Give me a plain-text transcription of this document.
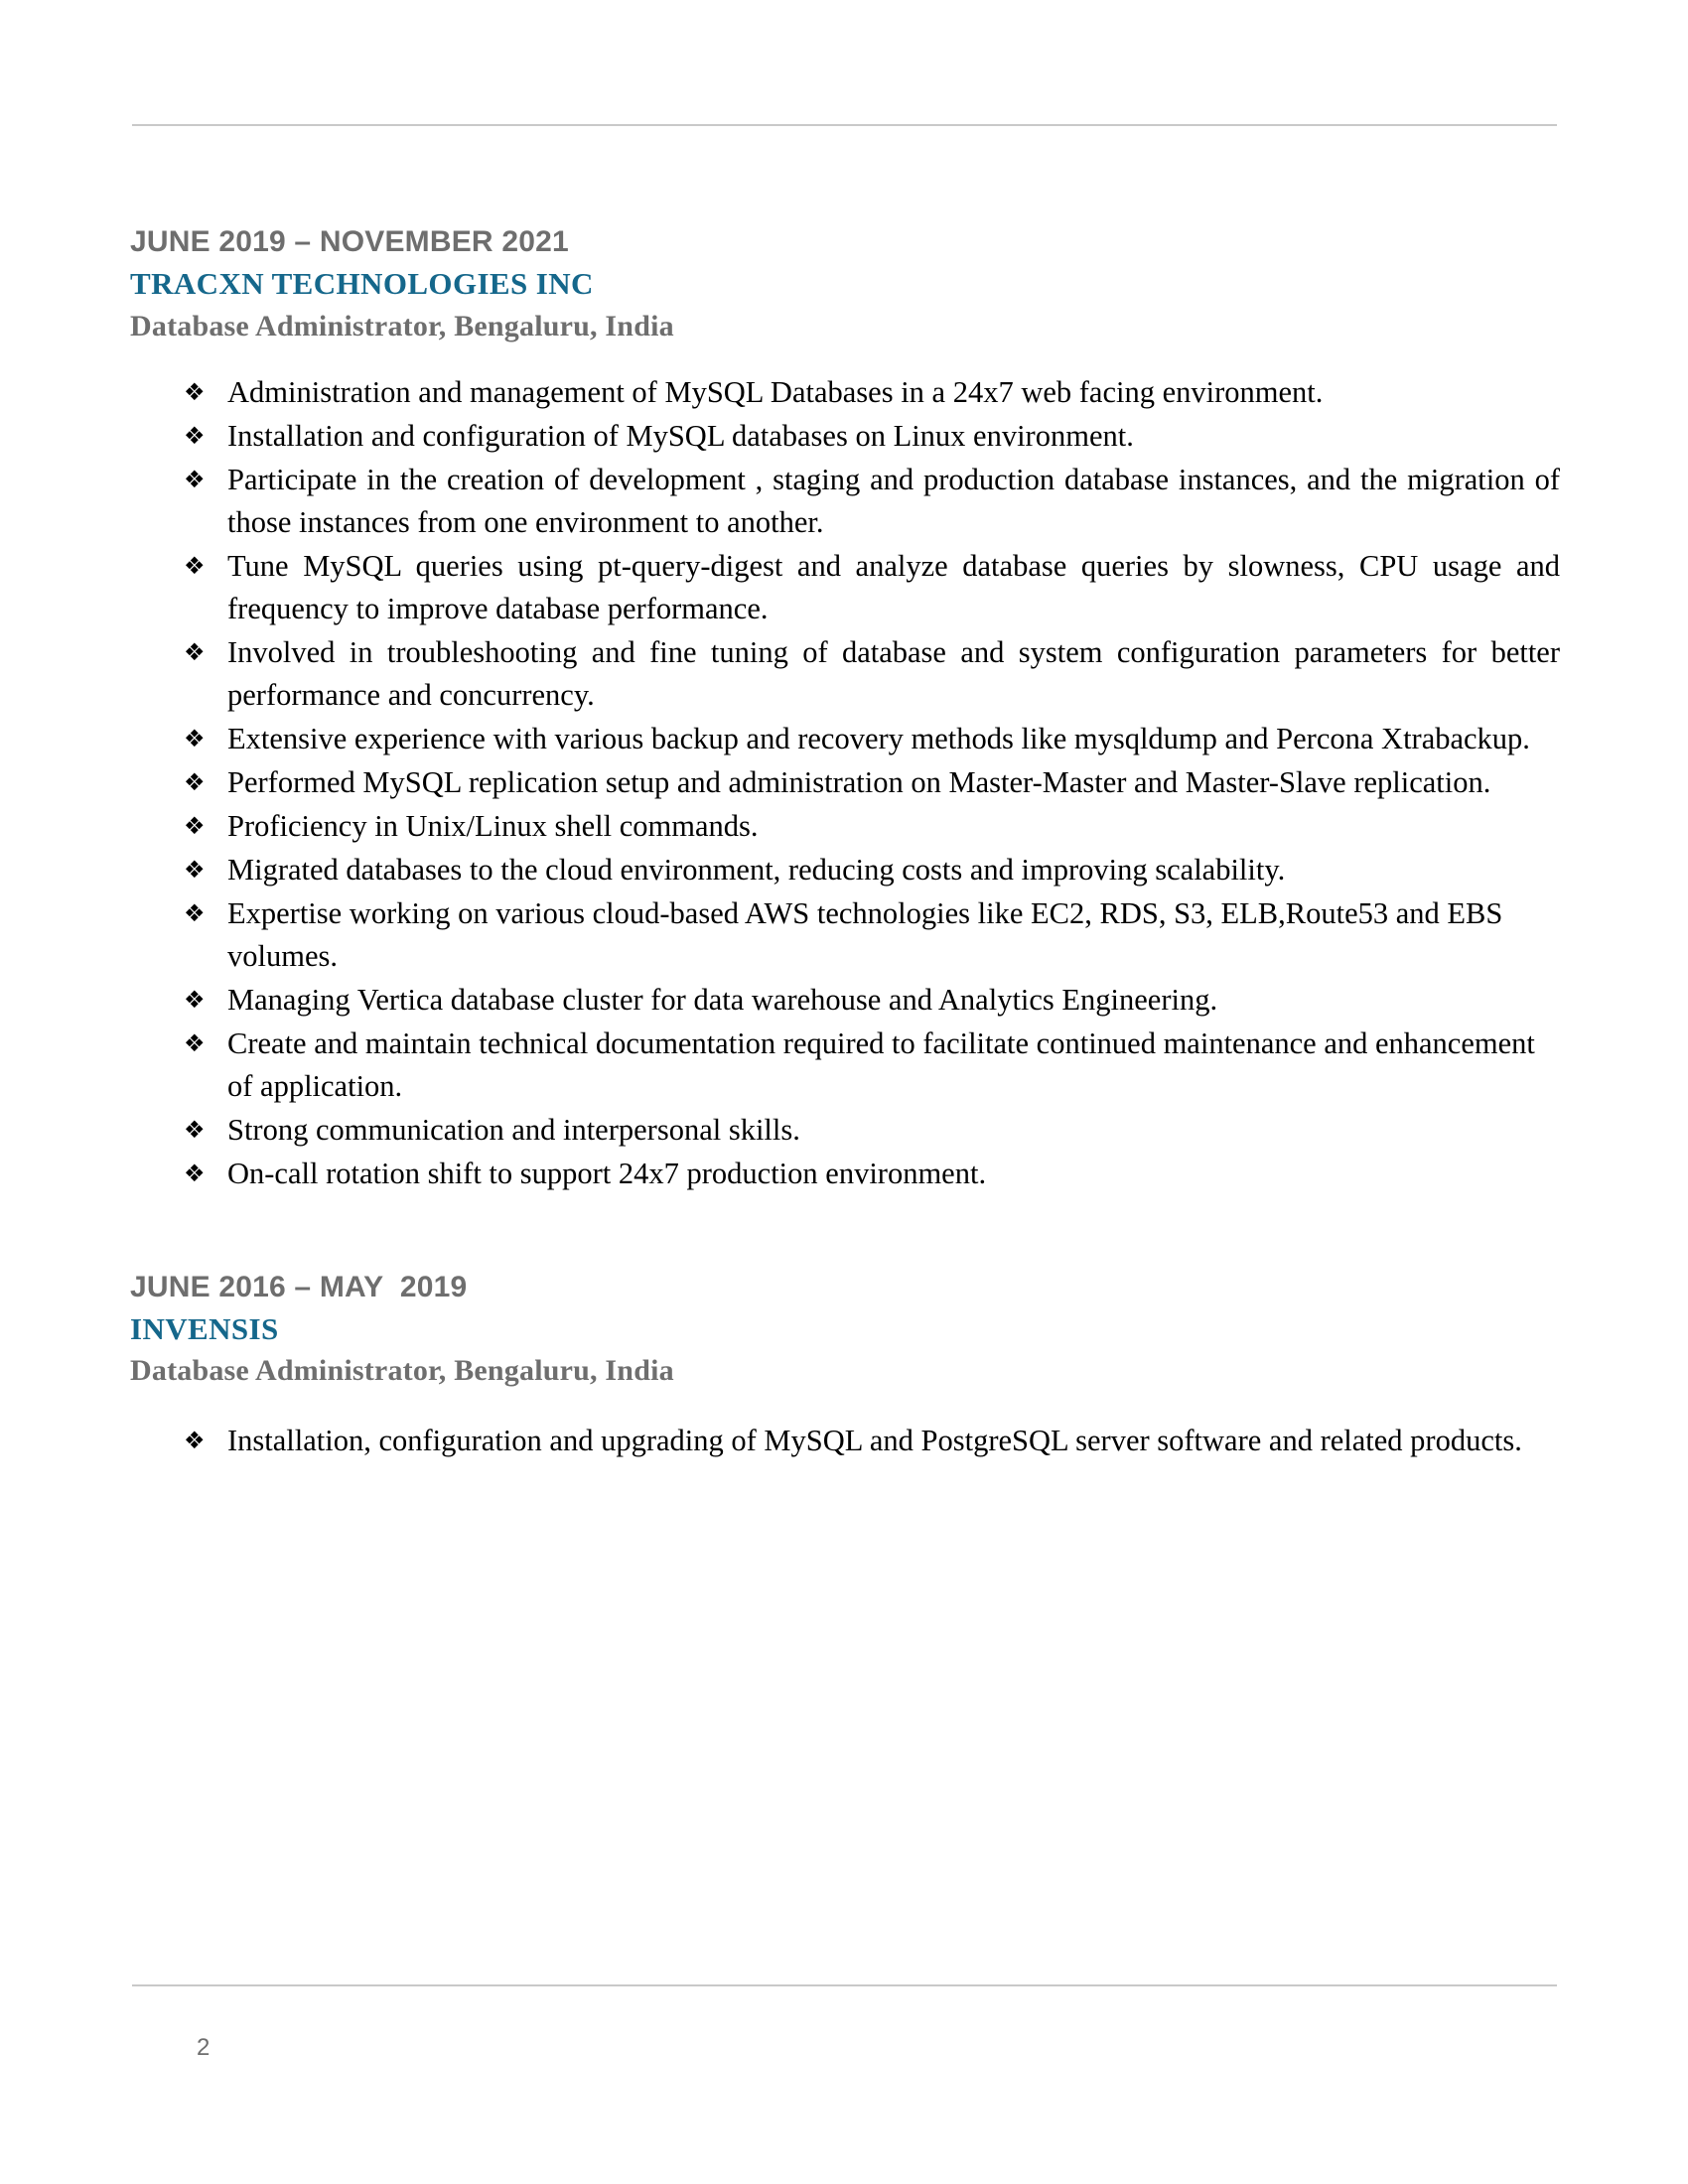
JUNE 2019 – NOVEMBER 2021
TRACXN TECHNOLOGIES INC
Database Administrator, Bengaluru, India
❖ Administration and management of MySQL Databases in a 24x7 web facing environment.
❖ Installation and configuration of MySQL databases on Linux environment.
❖ Participate in the creation of development , staging and production database instances, and the migration of those instances from one environment to another.
❖ Tune MySQL queries using pt-query-digest and analyze database queries by slowness, CPU usage and frequency to improve database performance.
❖ Involved in troubleshooting and fine tuning of database and system configuration parameters for better performance and concurrency.
❖ Extensive experience with various backup and recovery methods like mysqldump and Percona Xtrabackup.
❖ Performed MySQL replication setup and administration on Master-Master and Master-Slave replication.
❖ Proficiency in Unix/Linux shell commands.
❖ Migrated databases to the cloud environment, reducing costs and improving scalability.
❖ Expertise working on various cloud-based AWS technologies like EC2, RDS, S3, ELB,Route53 and EBS volumes.
❖ Managing Vertica database cluster for data warehouse and Analytics Engineering.
❖ Create and maintain technical documentation required to facilitate continued maintenance and enhancement of application.
❖ Strong communication and interpersonal skills.
❖ On-call rotation shift to support 24x7 production environment.
JUNE 2016 – MAY  2019
INVENSIS
Database Administrator, Bengaluru, India
❖ Installation, configuration and upgrading of MySQL and PostgreSQL server software and related products.
2
